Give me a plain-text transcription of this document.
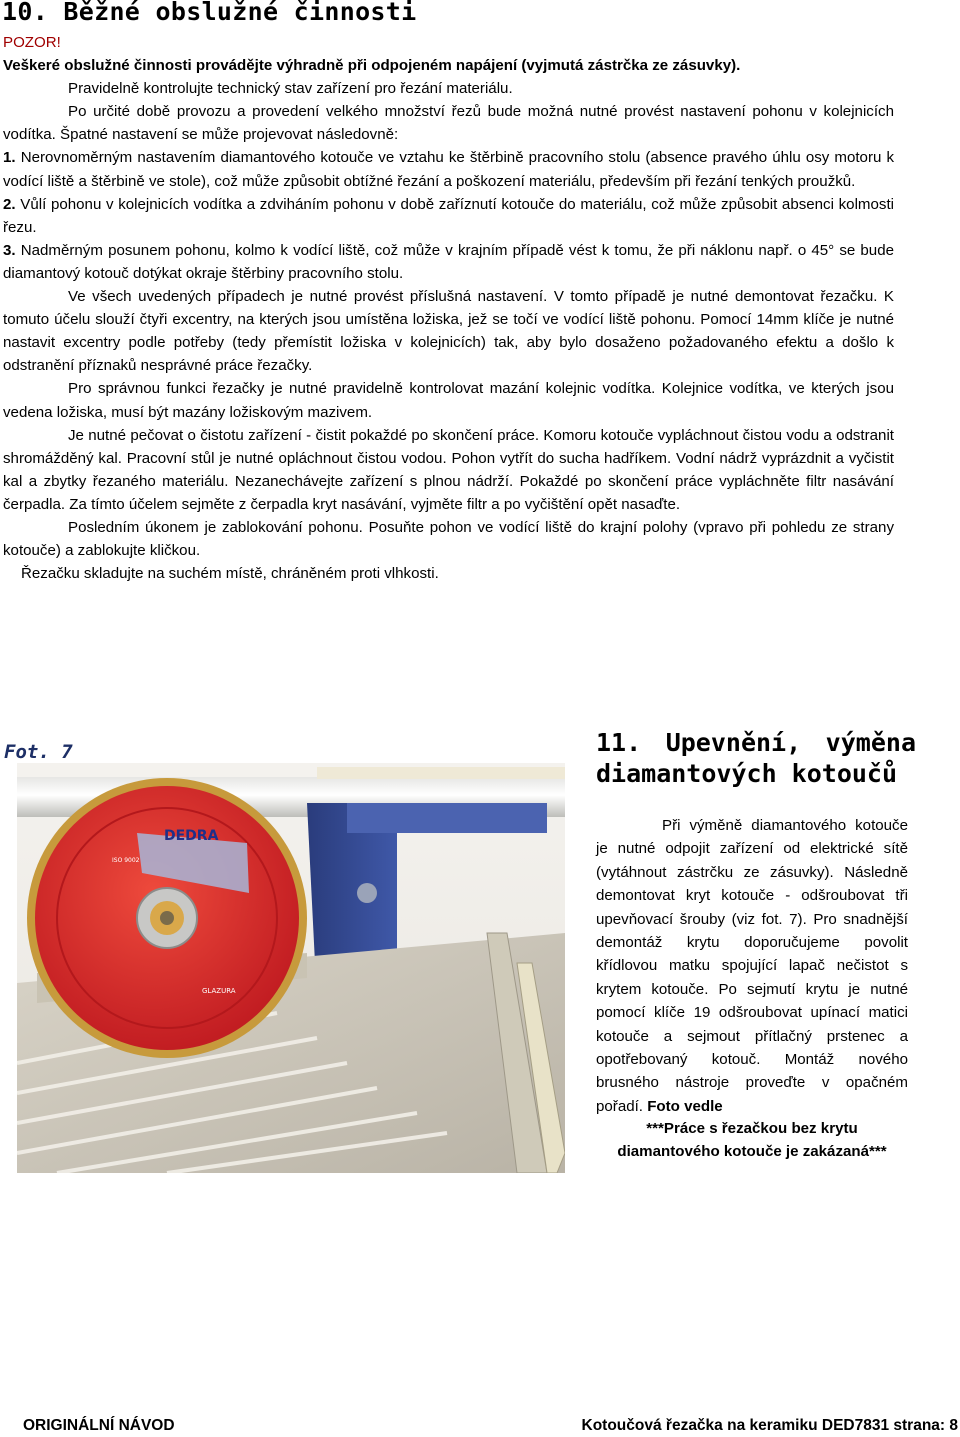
10. Běžné obslužné činnosti

POZOR!

Veškeré obslužné činnosti provádějte výhradně při odpojeném napájení (vyjmutá zástrčka ze zásuvky).

Pravidelně kontrolujte technický stav zařízení pro řezání materiálu.

Po určité době provozu a provedení velkého množství řezů bude možná nutné provést nastavení pohonu v kolejnicích vodítka. Špatné nastavení se může projevovat následovně:

1. Nerovnoměrným nastavením diamantového kotouče ve vztahu ke štěrbině pracovního stolu (absence pravého úhlu osy motoru k vodící liště a štěrbině ve stole), což může způsobit obtížné řezání a poškození materiálu, především při řezání tenkých proužků.

2. Vůlí pohonu v kolejnicích vodítka a zdviháním pohonu v době zaříznutí kotouče do materiálu, což může způsobit absenci kolmosti řezu.

3. Nadměrným posunem pohonu, kolmo k vodící liště, což může v krajním případě vést k tomu, že při náklonu např. o 45° se bude diamantový kotouč dotýkat okraje štěrbiny pracovního stolu.

Ve všech uvedených případech je nutné provést příslušná nastavení. V tomto případě je nutné demontovat řezačku. K tomuto účelu slouží čtyři excentry, na kterých jsou umístěna ložiska, jež se točí ve vodící liště pohonu. Pomocí 14mm klíče je nutné nastavit excentry podle potřeby (tedy přemístit ložiska v kolejnicích) tak, aby bylo dosaženo požadovaného efektu a došlo k odstranění příznaků nesprávné práce řezačky.

Pro správnou funkci řezačky je nutné pravidelně kontrolovat mazání kolejnic vodítka. Kolejnice vodítka, ve kterých jsou vedena ložiska, musí být mazány ložiskovým mazivem.

Je nutné pečovat o čistotu zařízení - čistit pokaždé po skončení práce. Komoru kotouče vypláchnout čistou vodu a odstranit shromážděný kal. Pracovní stůl je nutné opláchnout čistou vodou. Pohon vytřít do sucha hadříkem. Vodní nádrž vyprázdnit a vyčistit kal a zbytky řezaného materiálu. Nezanechávejte zařízení s plnou nádrží. Pokaždé po skončení práce vypláchněte filtr nasávání čerpadla. Za tímto účelem sejměte z čerpadla kryt nasávání, vyjměte filtr a po vyčištění opět nasaďte.

Posledním úkonem je zablokování pohonu. Posuňte pohon ve vodící liště do krajní polohy (vpravo při pohledu ze strany kotouče) a zablokujte kličkou.

Řezačku skladujte na suchém místě, chráněném proti vlhkosti.

Fot. 7
DEDRA
ISO 9002
GLAZURA
11. Upevnění, výměna diamantových kotoučů

Při výměně diamantového kotouče je nutné odpojit zařízení od elektrické sítě (vytáhnout zástrčku ze zásuvky). Následně demontovat kryt kotouče - odšroubovat tři upevňovací šrouby (viz fot. 7). Pro snadnější demontáž krytu doporučujeme povolit křídlovou matku spojující lapač nečistot s krytem kotouče. Po sejmutí krytu je nutné pomocí klíče 19 odšroubovat upínací matici kotouče a sejmout přítlačný prstenec a opotřebovaný kotouč. Montáž nového brusného nástroje proveďte v opačném pořadí. Foto vedle

***Práce s řezačkou bez krytu diamantového kotouče je zakázaná***
ORIGINÁLNÍ NÁVOD	Kotoučová řezačka na keramiku DED7831 strana: 8
